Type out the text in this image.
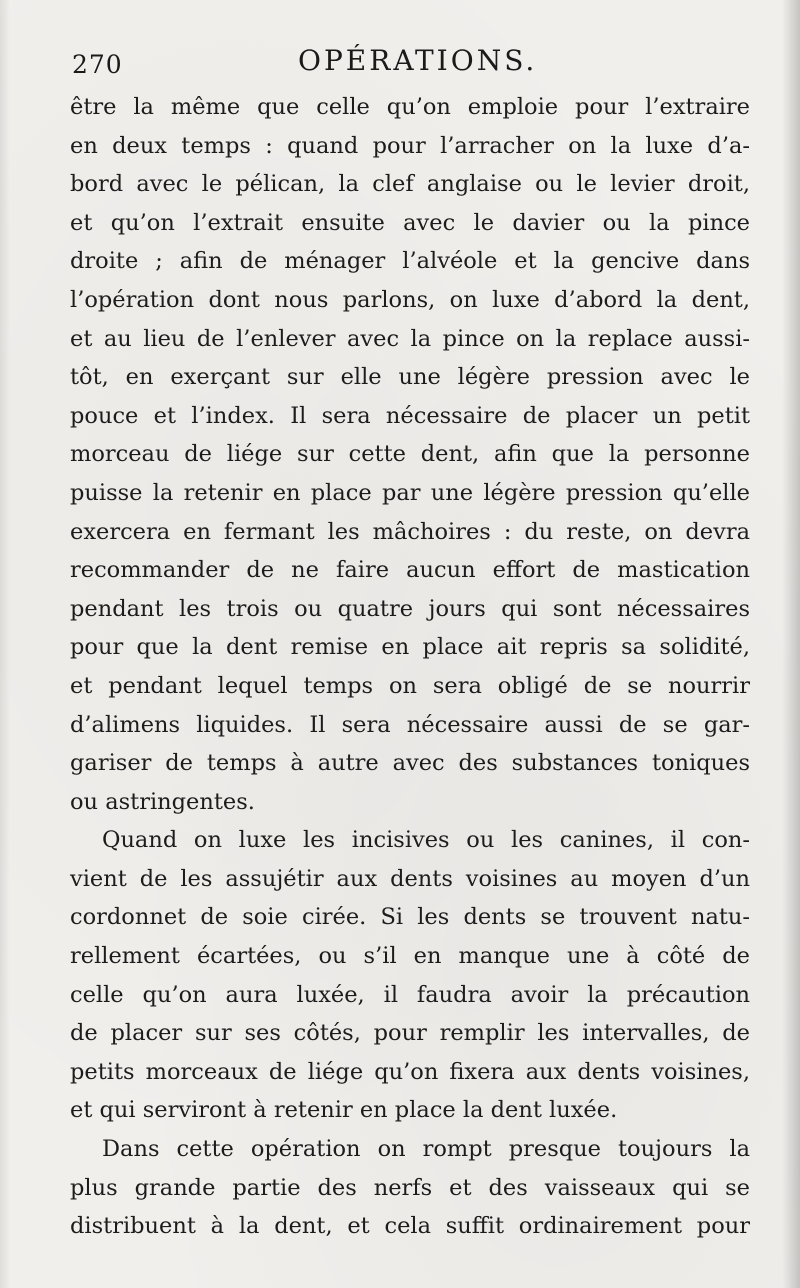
270	OPÉRATIONS.
être la même que celle qu’on emploie pour l’extraire
en deux temps : quand pour l’arracher on la luxe d’a-
bord avec le pélican, la clef anglaise ou le levier droit,
et qu’on l’extrait ensuite avec le davier ou la pince
droite ; afin de ménager l’alvéole et la gencive dans
l’opération dont nous parlons, on luxe d’abord la dent,
et au lieu de l’enlever avec la pince on la replace aussi-
tôt, en exerçant sur elle une légère pression avec le
pouce et l’index. Il sera nécessaire de placer un petit
morceau de liége sur cette dent, afin que la personne
puisse la retenir en place par une légère pression qu’elle
exercera en fermant les mâchoires : du reste, on devra
recommander de ne faire aucun effort de mastication
pendant les trois ou quatre jours qui sont nécessaires
pour que la dent remise en place ait repris sa solidité,
et pendant lequel temps on sera obligé de se nourrir
d’alimens liquides. Il sera nécessaire aussi de se gar-
gariser de temps à autre avec des substances toniques
ou astringentes.
Quand on luxe les incisives ou les canines, il con-
vient de les assujétir aux dents voisines au moyen d’un
cordonnet de soie cirée. Si les dents se trouvent natu-
rellement écartées, ou s’il en manque une à côté de
celle qu’on aura luxée, il faudra avoir la précaution
de placer sur ses côtés, pour remplir les intervalles, de
petits morceaux de liége qu’on fixera aux dents voisines,
et qui serviront à retenir en place la dent luxée.
Dans cette opération on rompt presque toujours la
plus grande partie des nerfs et des vaisseaux qui se
distribuent à la dent, et cela suffit ordinairement pour
